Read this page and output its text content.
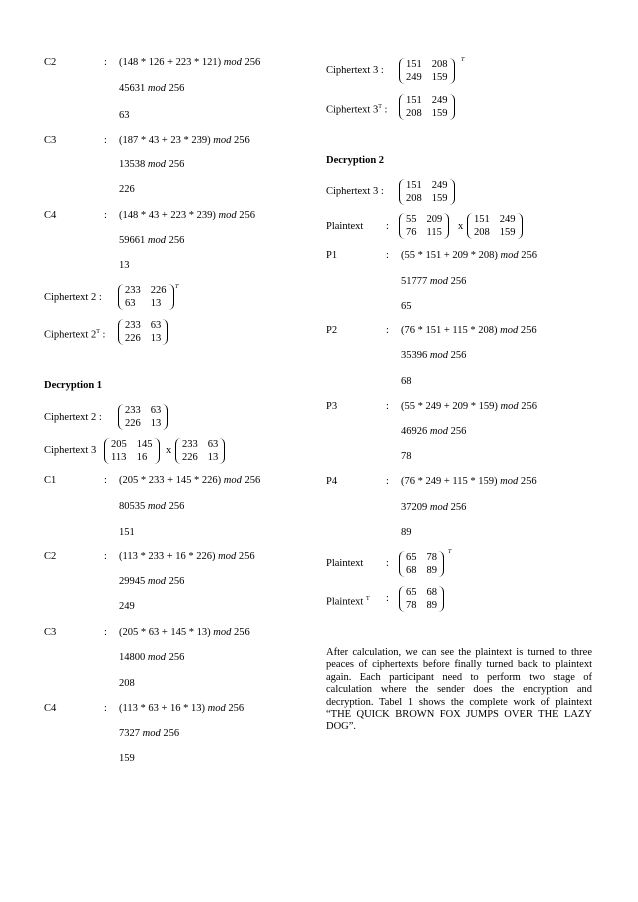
C2	: (148 * 126 + 223 * 121) mod 256
45631 mod 256
63
C3	: (187 * 43 + 23 * 239) mod 256
13538 mod 256
226
C4	: (148 * 43 + 223 * 239) mod 256
59661 mod 256
13
Ciphertext 2 :
233 226
63	13
T
Ciphertext $2^T$ :
233 63
226 13
Decryption 1
Ciphertext 2 :
233 63
226 13
Ciphertext 3
205 145
113 16
x
233 63
226 13
C1	: (205 * 233 + 145 * 226) mod 256
80535 mod 256
151
C2	: (113 * 233 + 16 * 226) mod 256
29945 mod 256
249
C3	: (205 * 63 + 145 * 13) mod 256
14800 mod 256
208
C4	: (113 * 63 + 16 * 13) mod 256
7327 mod 256
159
Ciphertext 3 :
151 208
249 159
T
Ciphertext $3^T$ :
151 249
208 159
Decryption 2
Ciphertext 3 :
151 249
208 159
Plaintext :
55 209
76 115
x
151 249
208 159
P1	: (55 * 151 + 209 * 208) mod 256
51777 mod 256
65
P2	: (76 * 151 + 115 * 208) mod 256
35396 mod 256
68
P3	: (55 * 249 + 209 * 159) mod 256
46926 mod 256
78
P4	: (76 * 249 + 115 * 159) mod 256
37209 mod 256
89
Plaintext :
65 78
68 89
T
Plaintext $^T$ :
65 68
78 89
After calculation, we can see the plaintext is turned to three peaces of ciphertexts before finally turned back to plaintext again. Each participant need to perform two stage of calculation where the sender does the encryption and decryption. Tabel 1 shows the complete work of plaintext “THE QUICK BROWN FOX JUMPS OVER THE LAZY DOG”.
